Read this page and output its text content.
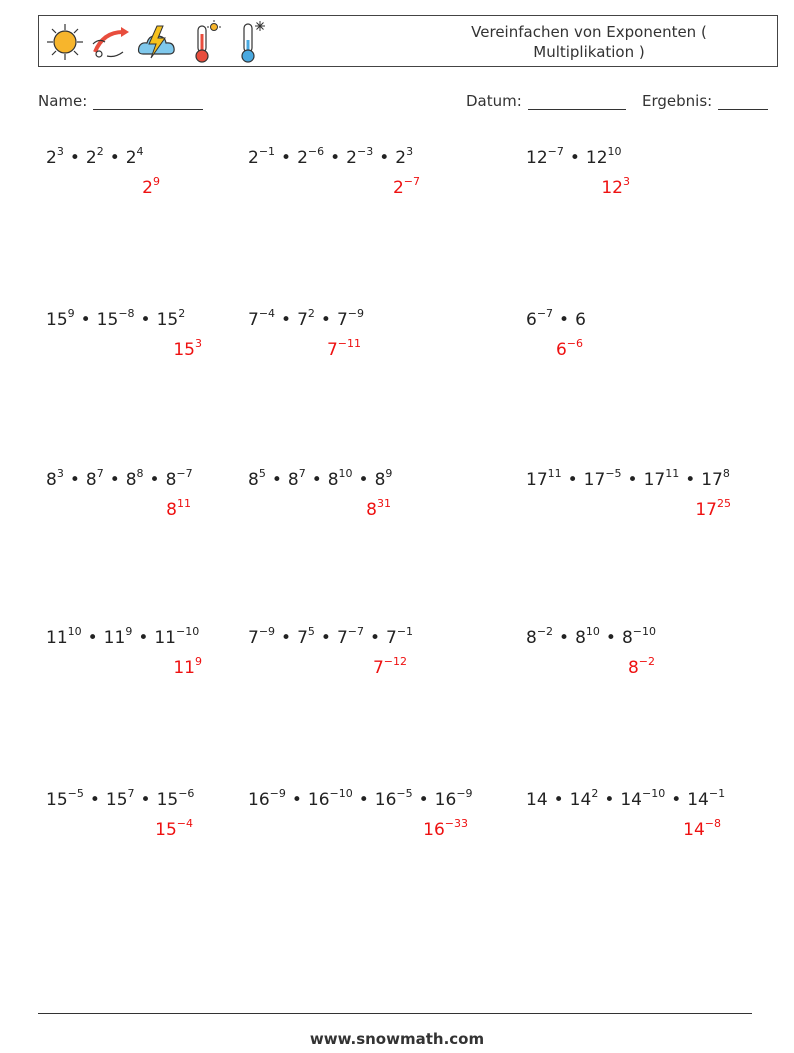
Vereinfachen von Exponenten (
Multiplikation )
Name:	Datum:	Ergebnis:
$2^3$ • $2^2$ • $2^4$
$2^9$
$2^{-1}$ • $2^{-6}$ • $2^{-3}$ • $2^3$
$2^{-7}$
$12^{-7}$ • $12^{10}$
$12^3$
$15^9$ • $15^{-8}$ • $15^2$
$15^3$
$7^{-4}$ • $7^2$ • $7^{-9}$
$7^{-11}$
$6^{-7}$ • 6
$6^{-6}$
$8^3$ • $8^7$ • $8^8$ • $8^{-7}$
$8^{11}$
$8^5$ • $8^7$ • $8^{10}$ • $8^9$
$8^{31}$
$17^{11}$ • $17^{-5}$ • $17^{11}$ • $17^8$
$17^{25}$
$11^{10}$ • $11^9$ • $11^{-10}$
$11^9$
$7^{-9}$ • $7^5$ • $7^{-7}$ • $7^{-1}$
$7^{-12}$
$8^{-2}$ • $8^{10}$ • $8^{-10}$
$8^{-2}$
$15^{-5}$ • $15^7$ • $15^{-6}$
$15^{-4}$
$16^{-9}$ • $16^{-10}$ • $16^{-5}$ • $16^{-9}$
$16^{-33}$
14 • $14^2$ • $14^{-10}$ • $14^{-1}$
$14^{-8}$
www.snowmath.com
